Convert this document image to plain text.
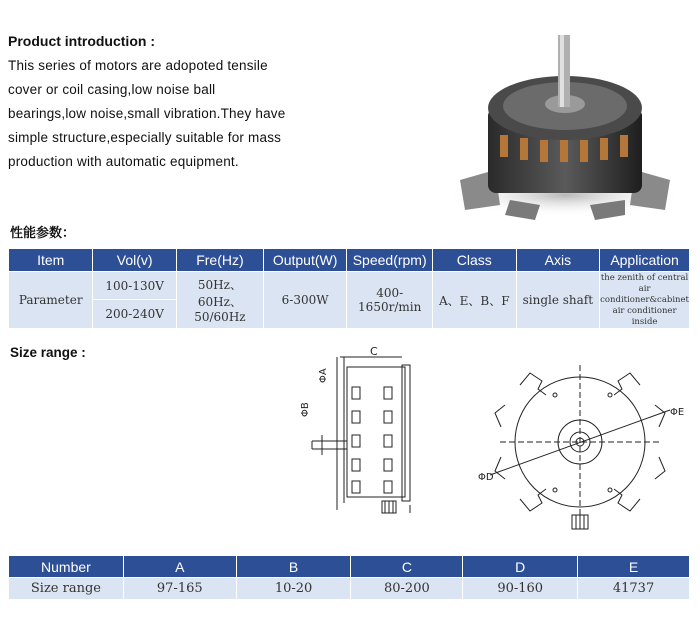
Product introduction :
This series of motors are adopoted tensile cover or coil casing,low noise ball bearings,low noise,small vibration.They have simple structure,especially suitable for mass production with automatic equipment.
性能参数：
Item	Vol(v)	Fre(Hz)	Output(W)	Speed(rpm)	Class	Axis	Application
Parameter	100-130V	50Hz、60Hz、50/60Hz	6-300W	400-1650r/min	A、E、B、F	single shaft	the zenith of central air conditioner&cabinet air conditioner inside
	200-240V						
Size range :	C
ΦA
ΦB
ΦD
ΦE
Number	A	B	C	D	E
Size range	97-165	10-20	80-200	90-160	41737
